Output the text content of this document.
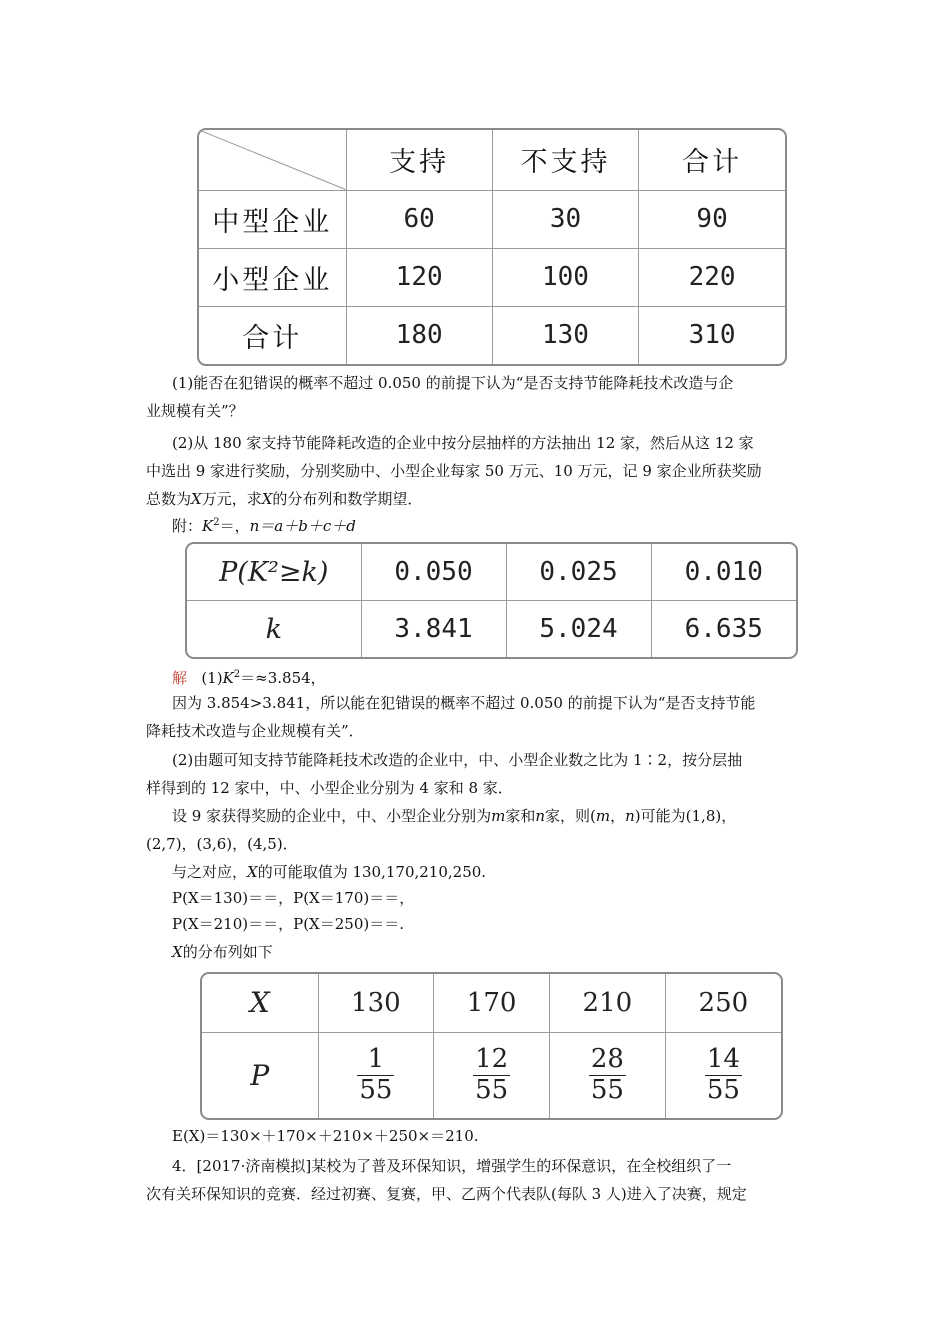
	支持	不支持	合计
中型企业	60	30	90
小型企业	120	100	220
合计	180	130	310
(1)能否在犯错误的概率不超过 0.050 的前提下认为“是否支持节能降耗技术改造与企
业规模有关”？
(2)从 180 家支持节能降耗改造的企业中按分层抽样的方法抽出 12 家，然后从这 12 家
中选出 9 家进行奖励，分别奖励中、小型企业每家 50 万元、10 万元，记 9 家企业所获奖励
总数为X万元，求X的分布列和数学期望．
附：$K^2=$，n＝a＋b＋c＋d
P(K²≥k)	0.050	0.025	0.010
k	3.841	5.024	6.635
解 $(1)K^2=\approx 3.854$，
因为 3.854>3.841，所以能在犯错误的概率不超过 0.050 的前提下认为“是否支持节能
降耗技术改造与企业规模有关”．
(2)由题可知支持节能降耗技术改造的企业中，中、小型企业数之比为 1∶2，按分层抽
样得到的 12 家中，中、小型企业分别为 4 家和 8 家．
设 9 家获得奖励的企业中，中、小型企业分别为m家和n家，则(m，n)可能为(1,8)，
(2,7)，(3,6)，(4,5)．
与之对应，X的可能取值为 130,170,210,250.
P(X＝130)＝＝，P(X＝170)＝＝，
P(X＝210)＝＝，P(X＝250)＝＝.
X的分布列如下
X	130	170	210	250
P	$\frac{1}{55}$	$\frac{12}{55}$	$\frac{28}{55}$	$\frac{14}{55}$
E(X)＝130×＋170×＋210×＋250×＝210.
4．[2017·济南模拟]某校为了普及环保知识，增强学生的环保意识，在全校组织了一
次有关环保知识的竞赛．经过初赛、复赛，甲、乙两个代表队(每队 3 人)进入了决赛，规定
